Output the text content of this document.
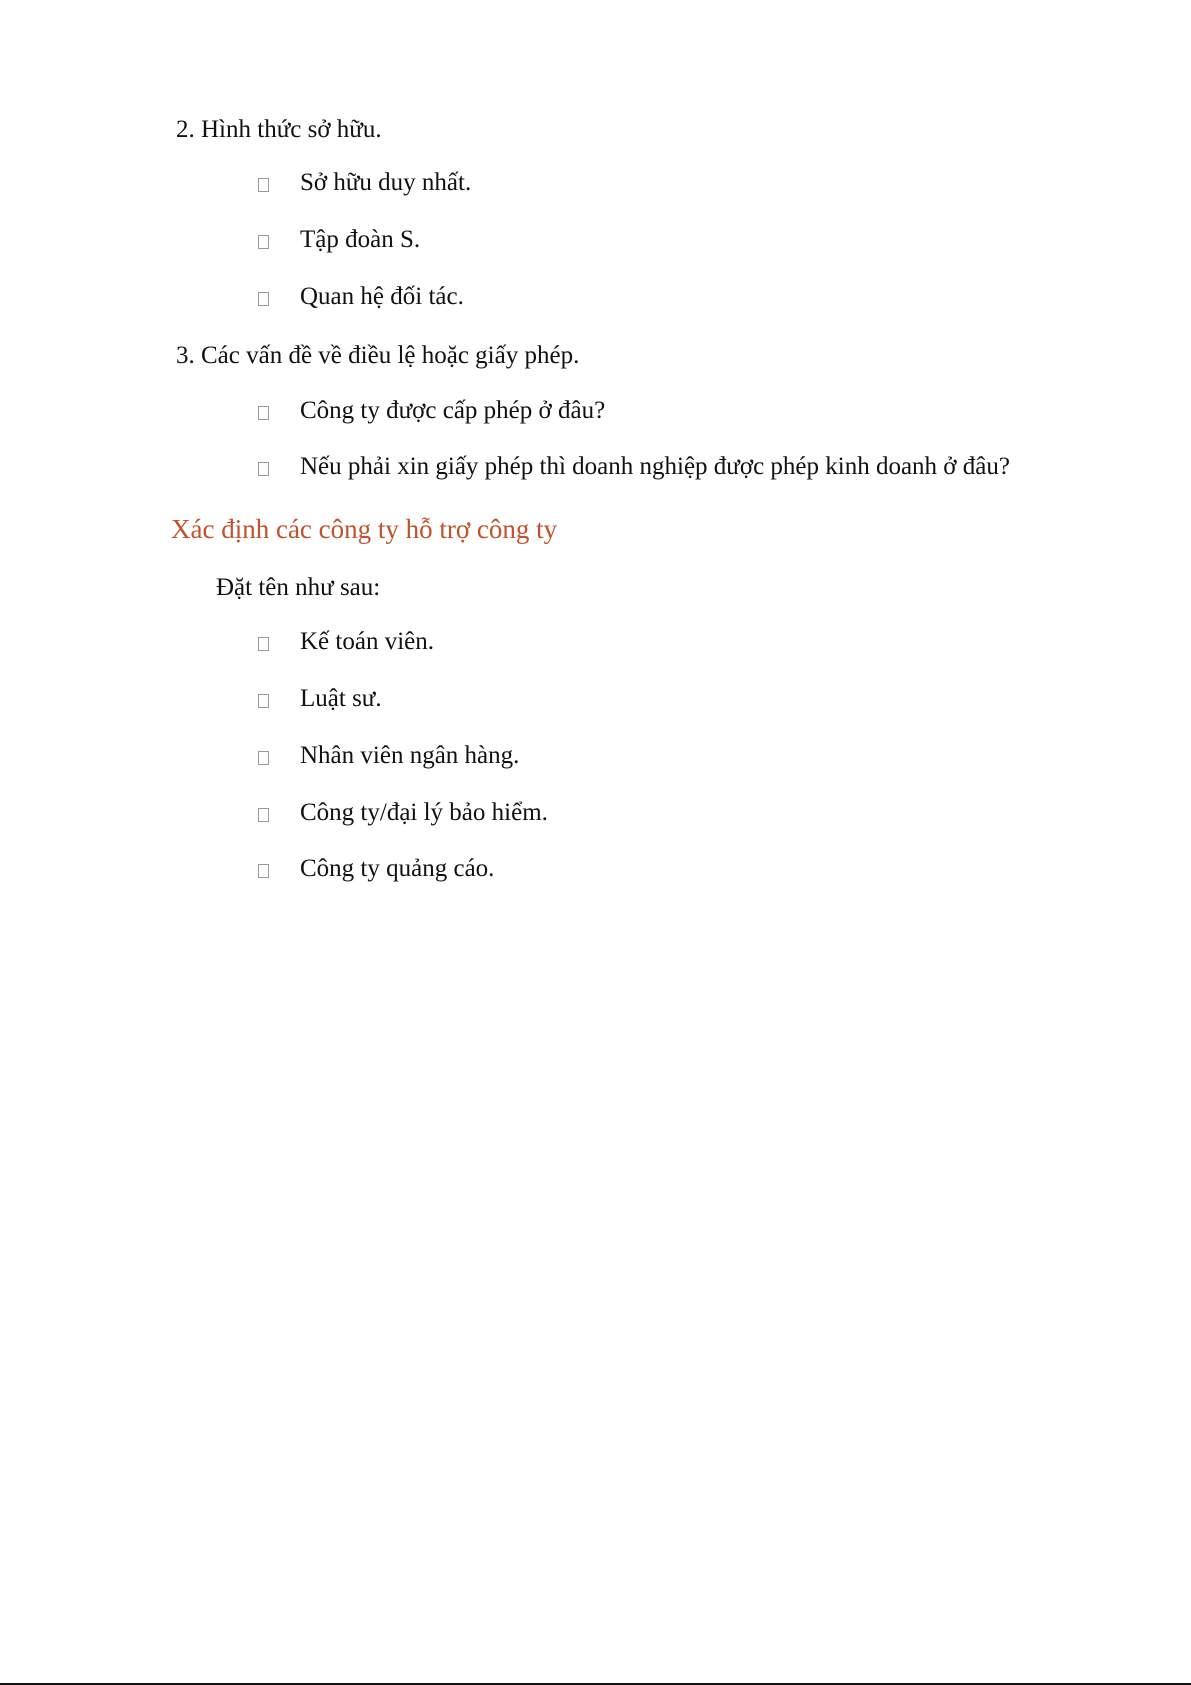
2. Hình thức sở hữu.
Sở hữu duy nhất.
Tập đoàn S.
Quan hệ đối tác.
3. Các vấn đề về điều lệ hoặc giấy phép.
Công ty được cấp phép ở đâu?
Nếu phải xin giấy phép thì doanh nghiệp được phép kinh doanh ở đâu?
Xác định các công ty hỗ trợ công ty
Đặt tên như sau:
Kế toán viên.
Luật sư.
Nhân viên ngân hàng.
Công ty/đại lý bảo hiểm.
Công ty quảng cáo.
